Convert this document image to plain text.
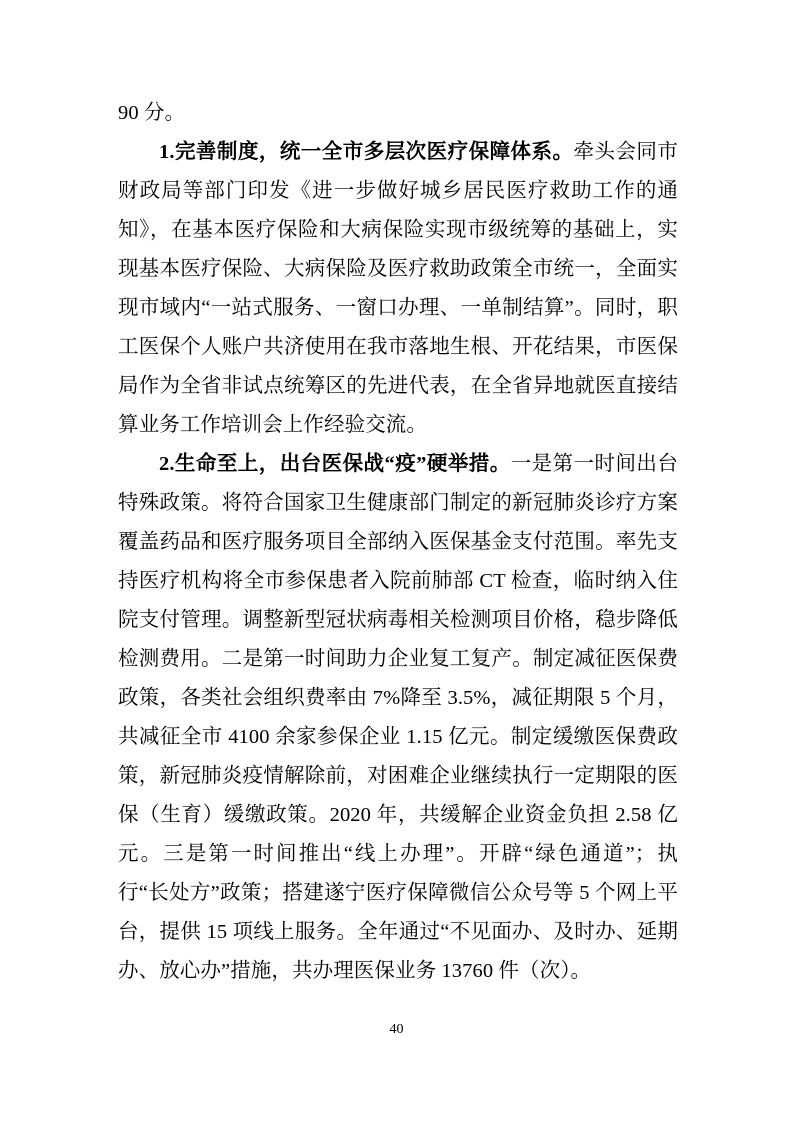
90 分。

1.完善制度，统一全市多层次医疗保障体系。牵头会同市财政局等部门印发《进一步做好城乡居民医疗救助工作的通知》，在基本医疗保险和大病保险实现市级统筹的基础上，实现基本医疗保险、大病保险及医疗救助政策全市统一，全面实现市域内“一站式服务、一窗口办理、一单制结算”。同时，职工医保个人账户共济使用在我市落地生根、开花结果，市医保局作为全省非试点统筹区的先进代表，在全省异地就医直接结算业务工作培训会上作经验交流。

2.生命至上，出台医保战“疫”硬举措。一是第一时间出台特殊政策。将符合国家卫生健康部门制定的新冠肺炎诊疗方案覆盖药品和医疗服务项目全部纳入医保基金支付范围。率先支持医疗机构将全市参保患者入院前肺部 CT 检查，临时纳入住院支付管理。调整新型冠状病毒相关检测项目价格，稳步降低检测费用。二是第一时间助力企业复工复产。制定减征医保费政策，各类社会组织费率由 7%降至 3.5%，减征期限 5 个月，共减征全市 4100 余家参保企业 1.15 亿元。制定缓缴医保费政策，新冠肺炎疫情解除前，对困难企业继续执行一定期限的医保（生育）缓缴政策。2020 年，共缓解企业资金负担 2.58 亿元。三是第一时间推出“线上办理”。开辟“绿色通道”；执行“长处方”政策；搭建遂宁医疗保障微信公众号等 5 个网上平台，提供 15 项线上服务。全年通过“不见面办、及时办、延期办、放心办”措施，共办理医保业务 13760 件（次）。

40
